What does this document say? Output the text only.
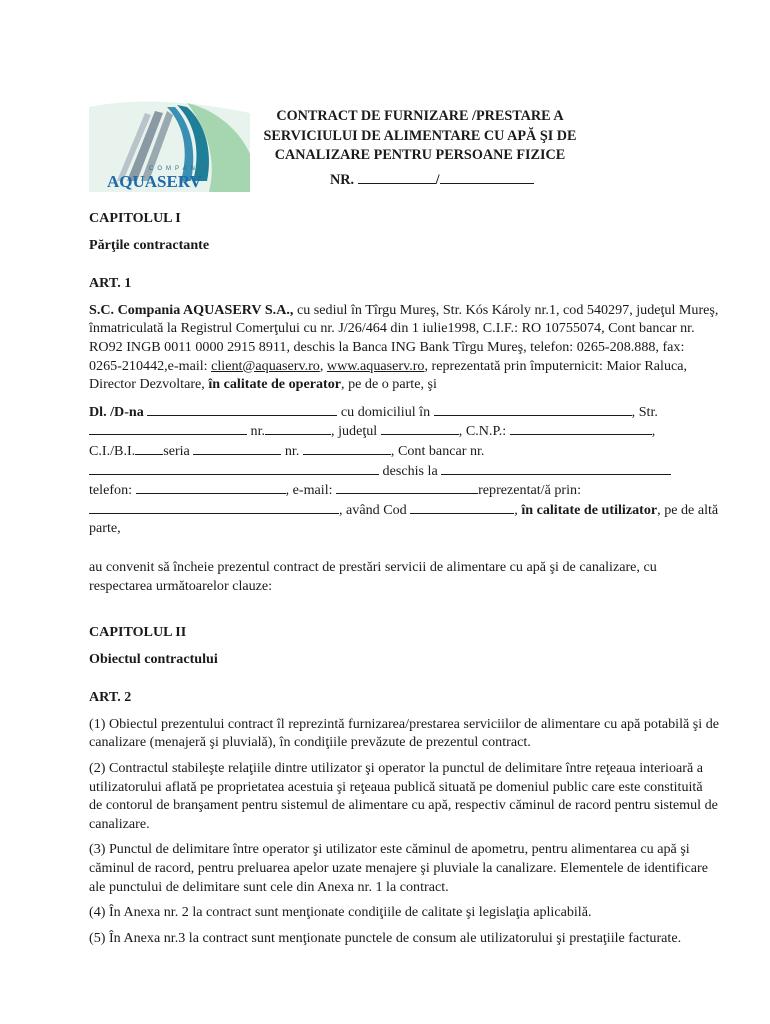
COMPANIA
AQUASERV
CONTRACT DE FURNIZARE /PRESTARE A
SERVICIULUI DE ALIMENTARE CU APĂ ŞI DE
CANALIZARE PENTRU PERSOANE FIZICE
NR.	/

CAPITOLUL I

Părţile contractante

ART. 1

S.C. Compania AQUASERV S.A., cu sediul în Tîrgu Mureş, Str. Kós Károly nr.1, cod 540297, judeţul Mureş, înmatriculată la Registrul Comerţului cu nr. J/26/464 din 1 iulie1998, C.I.F.: RO 10755074, Cont bancar nr. RO92 INGB 0011 0000 2915 8911, deschis la Banca ING Bank Tîrgu Mureş, telefon: 0265-208.888, fax: 0265-210442,e-mail: client@aquaserv.ro, www.aquaserv.ro, reprezentată prin împuternicit: Maior Raluca, Director Dezvoltare, în calitate de operator, pe de o parte, şi

Dl. /D-na	cu domiciliul în	, Str.
nr.	, judeţul	, C.N.P.:	,
C.I./B.I. seria	nr.	, Cont bancar nr.
deschis la
telefon:	, e-mail:	reprezentat/ă prin:
, având Cod	, în calitate de utilizator, pe de altă parte,

au convenit să încheie prezentul contract de prestări servicii de alimentare cu apă şi de canalizare, cu respectarea următoarelor clauze:

CAPITOLUL II

Obiectul contractului

ART. 2

(1) Obiectul prezentului contract îl reprezintă furnizarea/prestarea serviciilor de alimentare cu apă potabilă şi de canalizare (menajeră şi pluvială), în condiţiile prevăzute de prezentul contract.

(2) Contractul stabileşte relaţiile dintre utilizator şi operator la punctul de delimitare între reţeaua interioară a utilizatorului aflată pe proprietatea acestuia şi reţeaua publică situată pe domeniul public care este constituită de contorul de branşament pentru sistemul de alimentare cu apă, respectiv căminul de racord pentru sistemul de canalizare.

(3) Punctul de delimitare între operator şi utilizator este căminul de apometru, pentru alimentarea cu apă şi căminul de racord, pentru preluarea apelor uzate menajere şi pluviale la canalizare. Elementele de identificare ale punctului de delimitare sunt cele din Anexa nr. 1 la contract.

(4) În Anexa nr. 2 la contract sunt menţionate condiţiile de calitate şi legislaţia aplicabilă.

(5) În Anexa nr.3 la contract sunt menţionate punctele de consum ale utilizatorului şi prestaţiile facturate.
